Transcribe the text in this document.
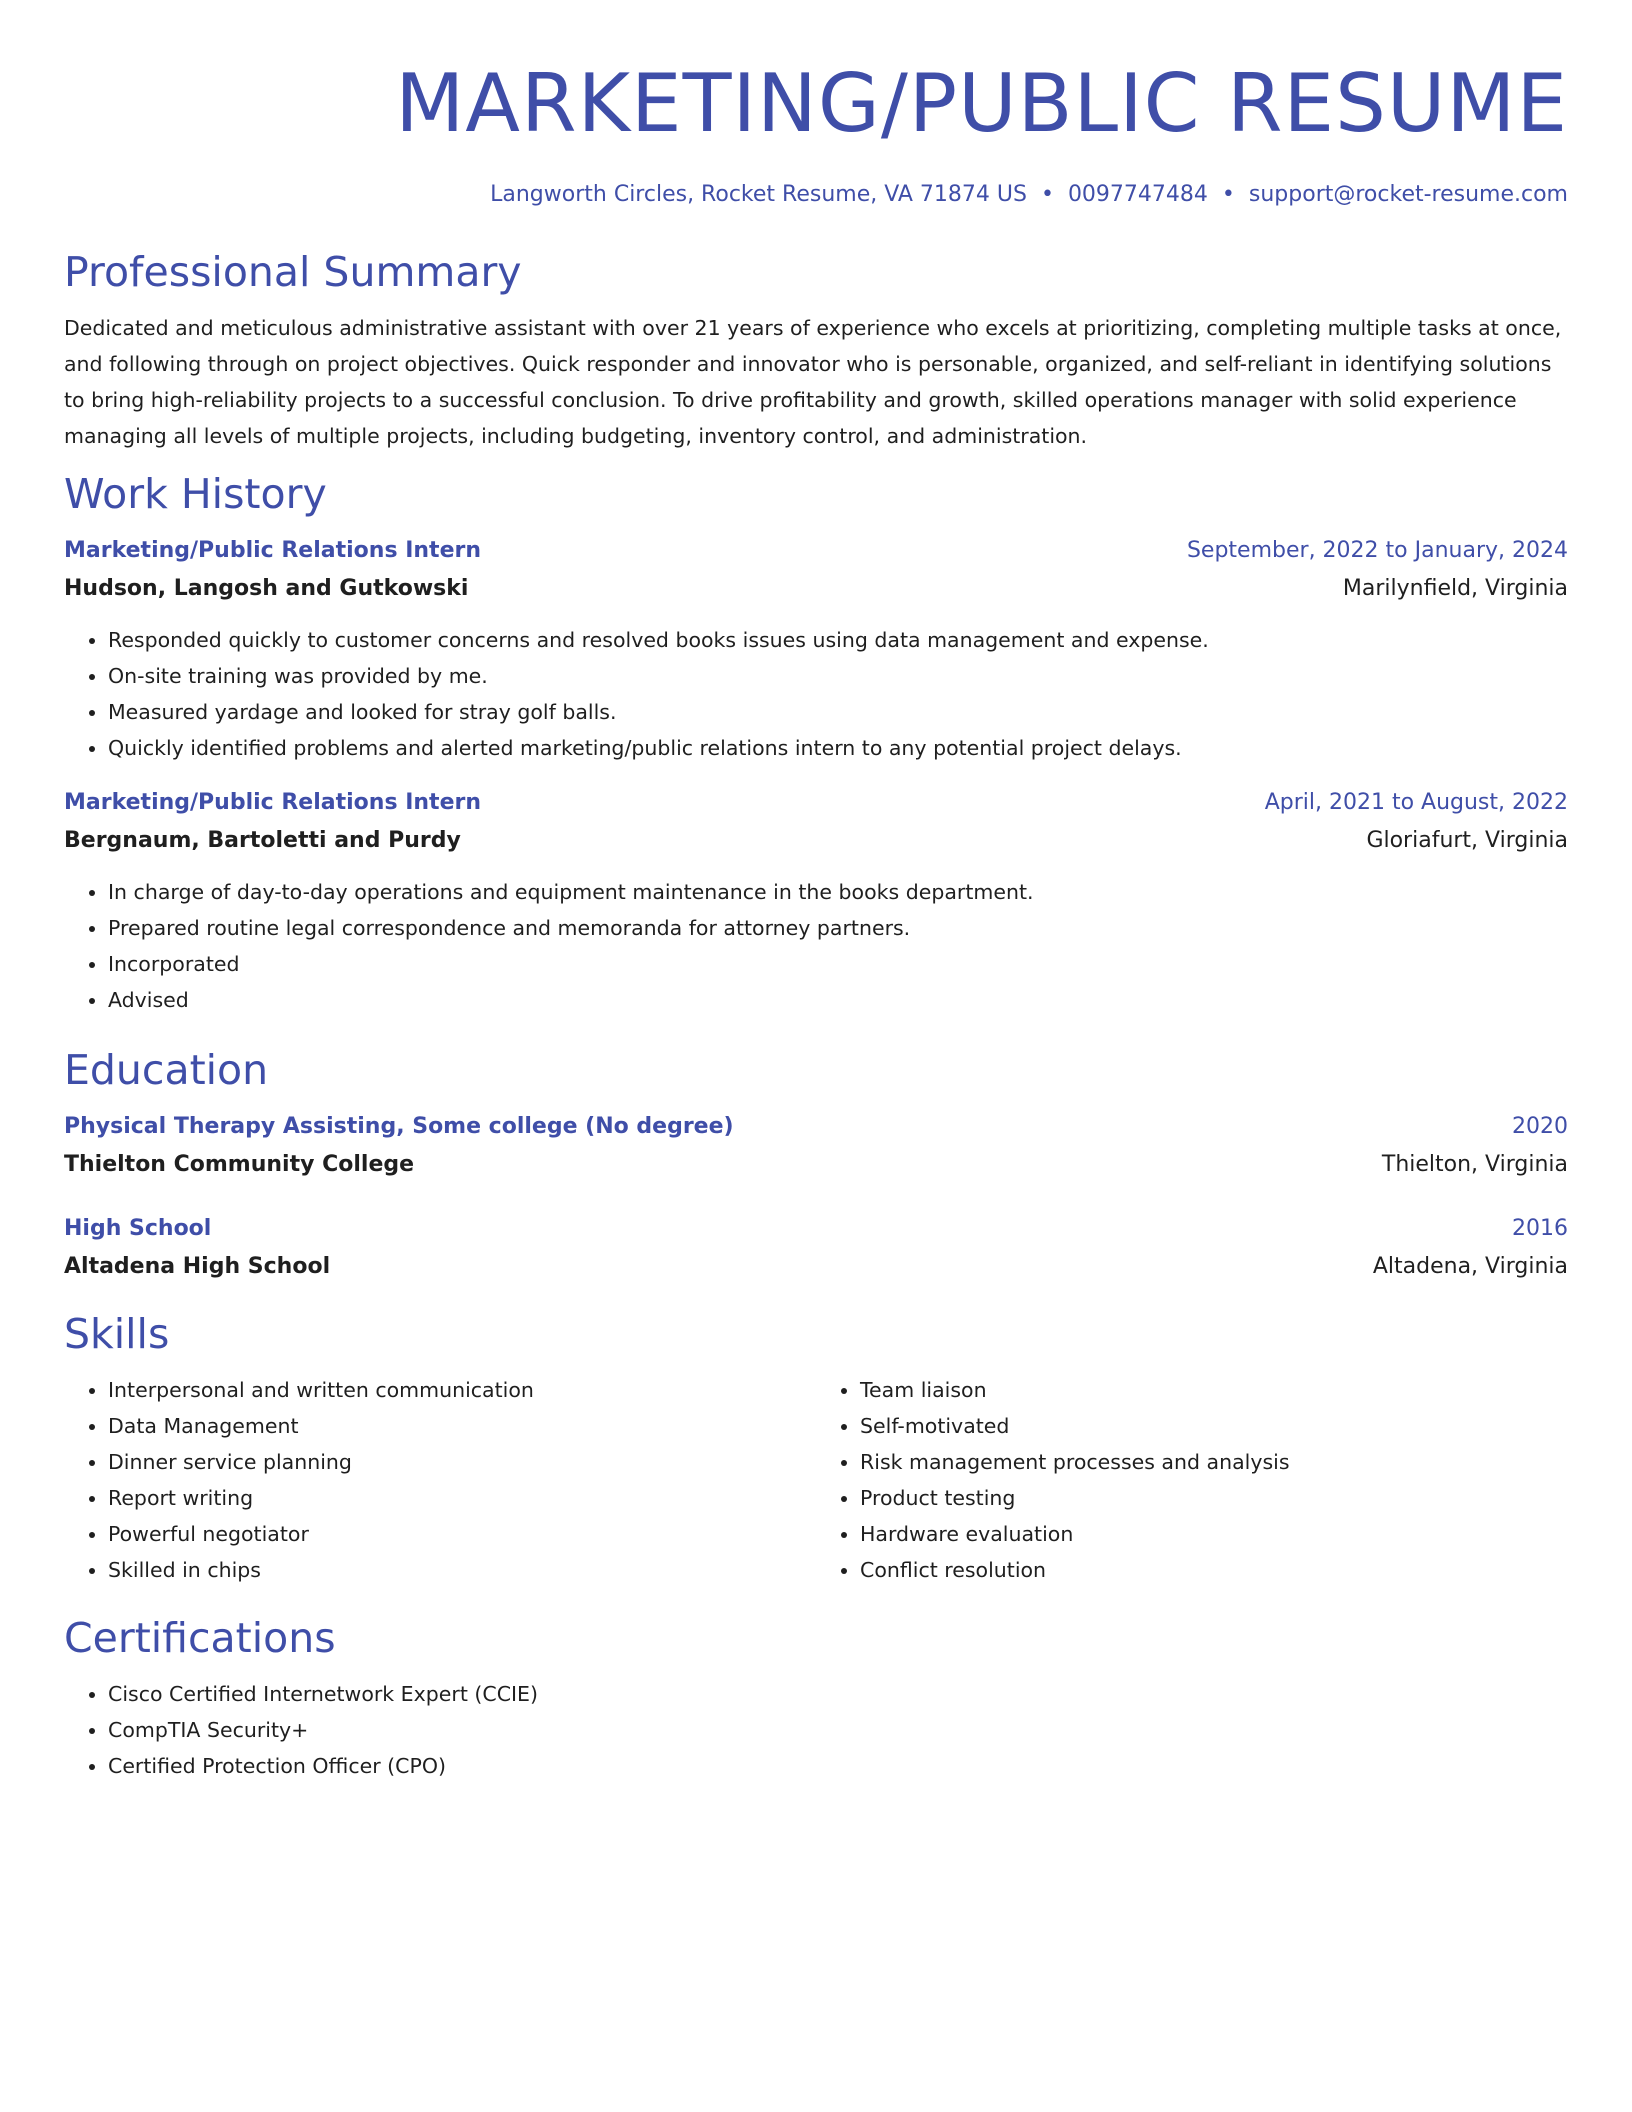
MARKETING/PUBLIC RESUME
Langworth Circles, Rocket Resume, VA 71874 US • 0097747484 • support@rocket-resume.com
Professional Summary

Dedicated and meticulous administrative assistant with over 21 years of experience who excels at prioritizing, completing multiple tasks at once, and following through on project objectives. Quick responder and innovator who is personable, organized, and self-reliant in identifying solutions to bring high-reliability projects to a successful conclusion. To drive profitability and growth, skilled operations manager with solid experience managing all levels of multiple projects, including budgeting, inventory control, and administration.

Work History
Marketing/Public Relations Intern	September, 2022 to January, 2024
Hudson, Langosh and Gutkowski	Marilynfield, Virginia
• Responded quickly to customer concerns and resolved books issues using data management and expense.
• On-site training was provided by me.
• Measured yardage and looked for stray golf balls.
• Quickly identified problems and alerted marketing/public relations intern to any potential project delays.
Marketing/Public Relations Intern	April, 2021 to August, 2022
Bergnaum, Bartoletti and Purdy	Gloriafurt, Virginia
• In charge of day-to-day operations and equipment maintenance in the books department.
• Prepared routine legal correspondence and memoranda for attorney partners.
• Incorporated
• Advised
Education
Physical Therapy Assisting, Some college (No degree)	2020
Thielton Community College	Thielton, Virginia
High School	2016
Altadena High School	Altadena, Virginia
Skills
• Interpersonal and written communication
• Data Management
• Dinner service planning
• Report writing
• Powerful negotiator
• Skilled in chips
• Team liaison
• Self-motivated
• Risk management processes and analysis
• Product testing
• Hardware evaluation
• Conflict resolution
Certifications
• Cisco Certified Internetwork Expert (CCIE)
• CompTIA Security+
• Certified Protection Officer (CPO)
